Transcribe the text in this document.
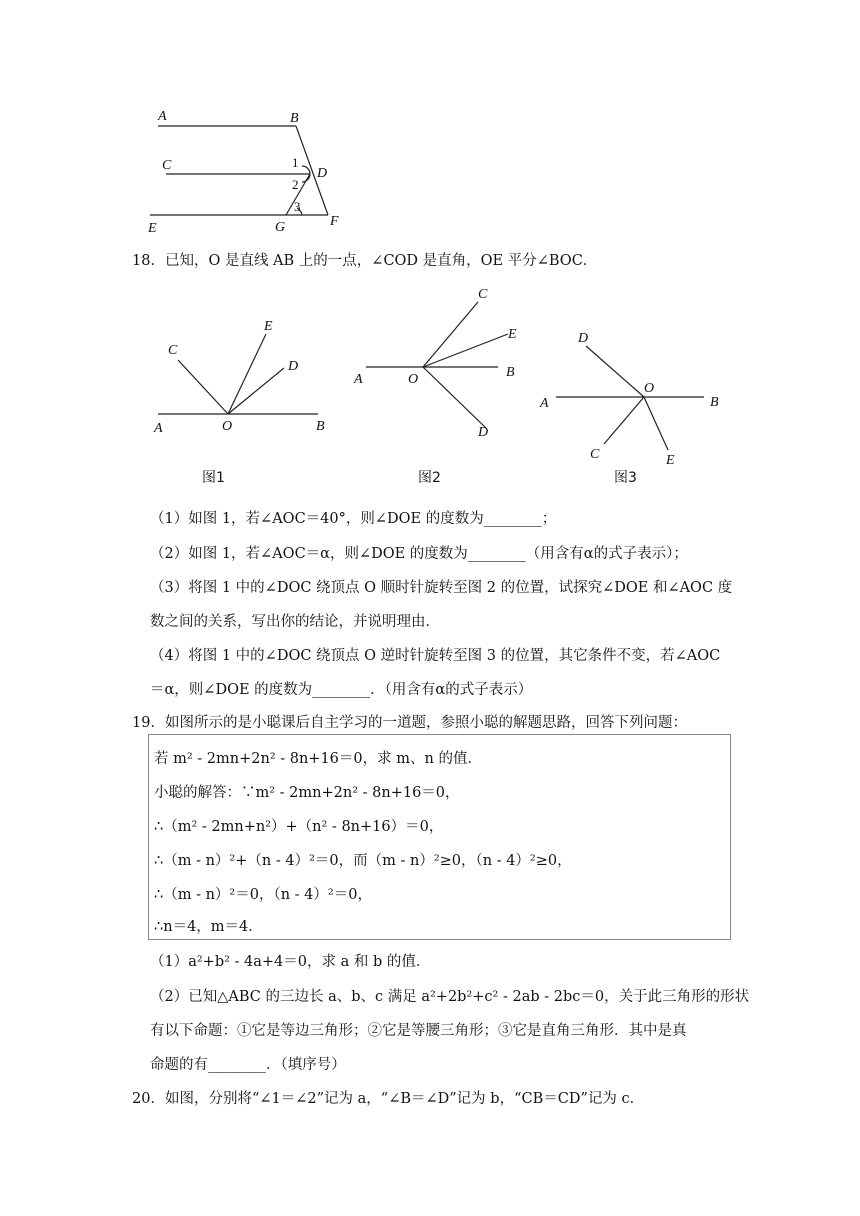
A	B
C
D
E	F
G
1
2
3
18．已知，O 是直线 AB 上的一点，∠COD 是直角，OE 平分∠BOC．
A	O	B
C
E
D
图1
A	O	B
C
E
D
图2
A
O
B
D
C	E
图3
（1）如图 1，若∠AOC＝40°，则∠DOE 的度数为________；
（2）如图 1，若∠AOC＝α，则∠DOE 的度数为________（用含有α的式子表示）；
（3）将图 1 中的∠DOC 绕顶点 O 顺时针旋转至图 2 的位置，试探究∠DOE 和∠AOC 度
数之间的关系，写出你的结论，并说明理由．
（4）将图 1 中的∠DOC 绕顶点 O 逆时针旋转至图 3 的位置，其它条件不变，若∠AOC
＝α，则∠DOE 的度数为________．（用含有α的式子表示）
19．如图所示的是小聪课后自主学习的一道题，参照小聪的解题思路，回答下列问题：
若 m² - 2mn+2n² - 8n+16＝0，求 m、n 的值．
小聪的解答：∵m² - 2mn+2n² - 8n+16＝0，
∴（m² - 2mn+n²）+（n² - 8n+16）＝0，
∴（m - n）²+（n - 4）²＝0，而（m - n）²≥0，（n - 4）²≥0，
∴（m - n）²＝0，（n - 4）²＝0，
∴n＝4，m＝4．
（1）a²+b² - 4a+4＝0，求 a 和 b 的值．
（2）已知△ABC 的三边长 a、b、c 满足 a²+2b²+c² - 2ab - 2bc＝0，关于此三角形的形状
有以下命题：①它是等边三角形；②它是等腰三角形；③它是直角三角形．其中是真
命题的有________．（填序号）
20．如图，分别将“∠1＝∠2”记为 a，“∠B＝∠D”记为 b，“CB＝CD”记为 c．
